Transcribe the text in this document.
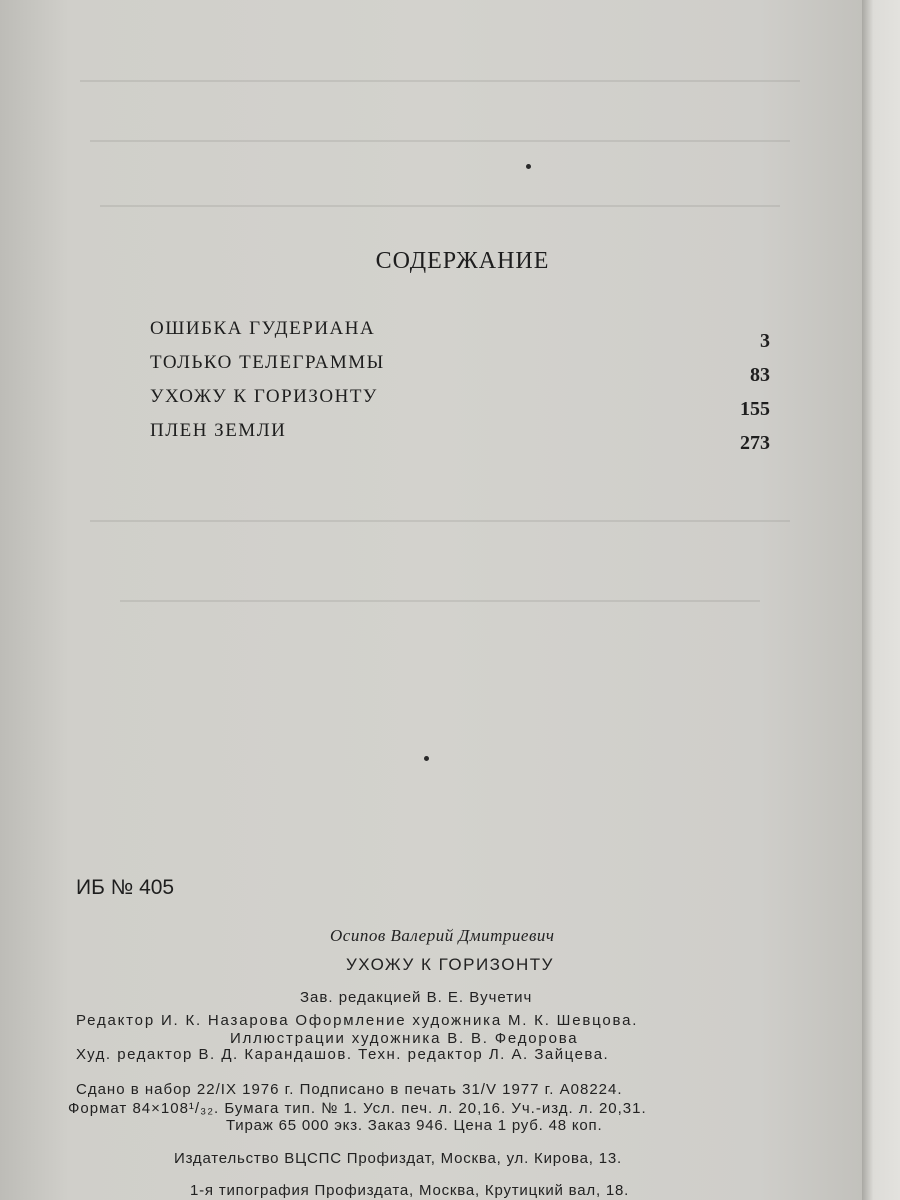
СОДЕРЖАНИЕ
ОШИБКА ГУДЕРИАНА
3
ТОЛЬКО ТЕЛЕГРАММЫ
83
УХОЖУ К ГОРИЗОНТУ
155
ПЛЕН ЗЕМЛИ
273
ИБ № 405
Осипов Валерий Дмитриевич
УХОЖУ К ГОРИЗОНТУ
Зав. редакцией В. Е. Вучетич
Редактор И. К. Назарова Оформление художника М. К. Шевцова.
Иллюстрации художника В. В. Федорова
Худ. редактор В. Д. Карандашов. Техн. редактор Л. А. Зайцева.
Сдано в набор 22/IX 1976 г. Подписано в печать 31/V 1977 г. А08224.
Формат 84×108¹/₃₂. Бумага тип. № 1. Усл. печ. л. 20,16. Уч.-изд. л. 20,31.
Тираж 65 000 экз. Заказ 946. Цена 1 руб. 48 коп.
Издательство ВЦСПС Профиздат, Москва, ул. Кирова, 13.
1-я типография Профиздата, Москва, Крутицкий вал, 18.
